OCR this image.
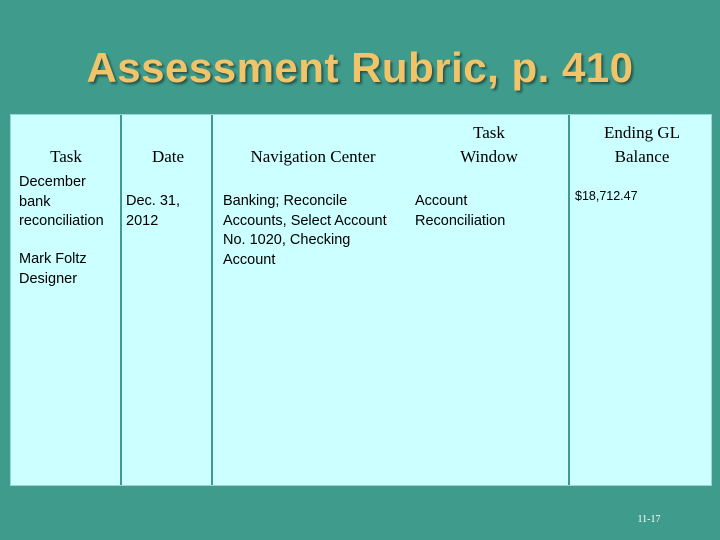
Assessment Rubric, p. 410
Task	Date	Navigation Center
Task
Window
Ending GL
Balance
December
bank
reconciliation
Mark Foltz
Designer
Dec. 31,
2012
Banking; Reconcile
Accounts, Select Account
No. 1020, Checking
Account
Account
Reconciliation
$18,712.47
11-17
